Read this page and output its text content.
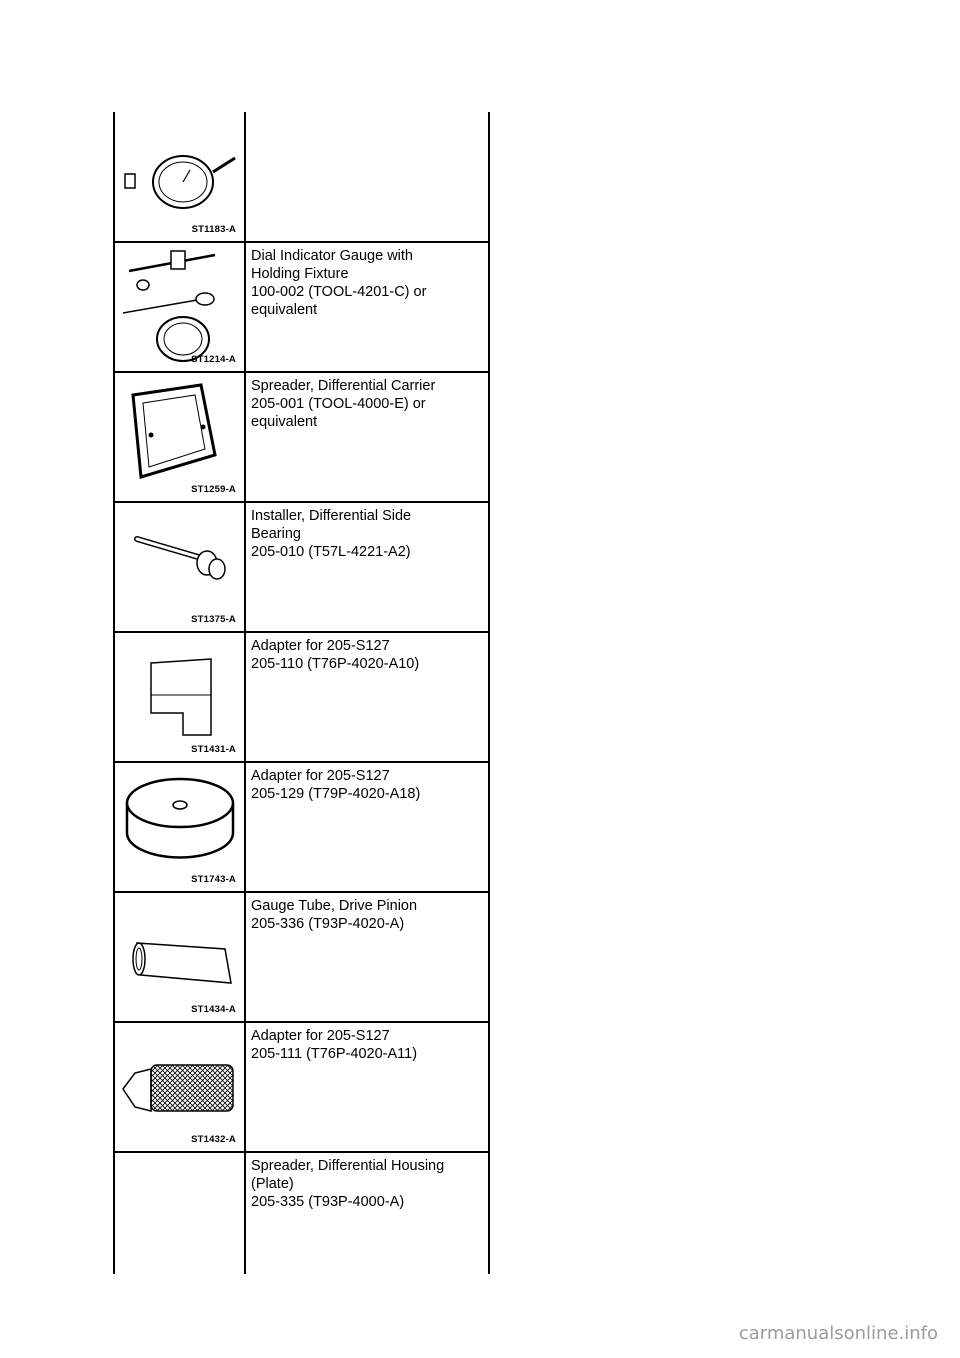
ST1183-A	

ST1214-A	Dial Indicator Gauge with
Holding Fixture
100-002 (TOOL-4201-C) or
equivalent

ST1259-A	Spreader, Differential Carrier
205-001 (TOOL-4000-E) or
equivalent

ST1375-A	Installer, Differential Side
Bearing
205-010 (T57L-4221-A2)

ST1431-A	Adapter for 205-S127
205-110 (T76P-4020-A10)

ST1743-A	Adapter for 205-S127
205-129 (T79P-4020-A18)

ST1434-A	Gauge Tube, Drive Pinion
205-336 (T93P-4020-A)

ST1432-A	Adapter for 205-S127
205-111 (T76P-4020-A11)

	Spreader, Differential Housing
(Plate)
205-335 (T93P-4000-A)
carmanualsonline.info
